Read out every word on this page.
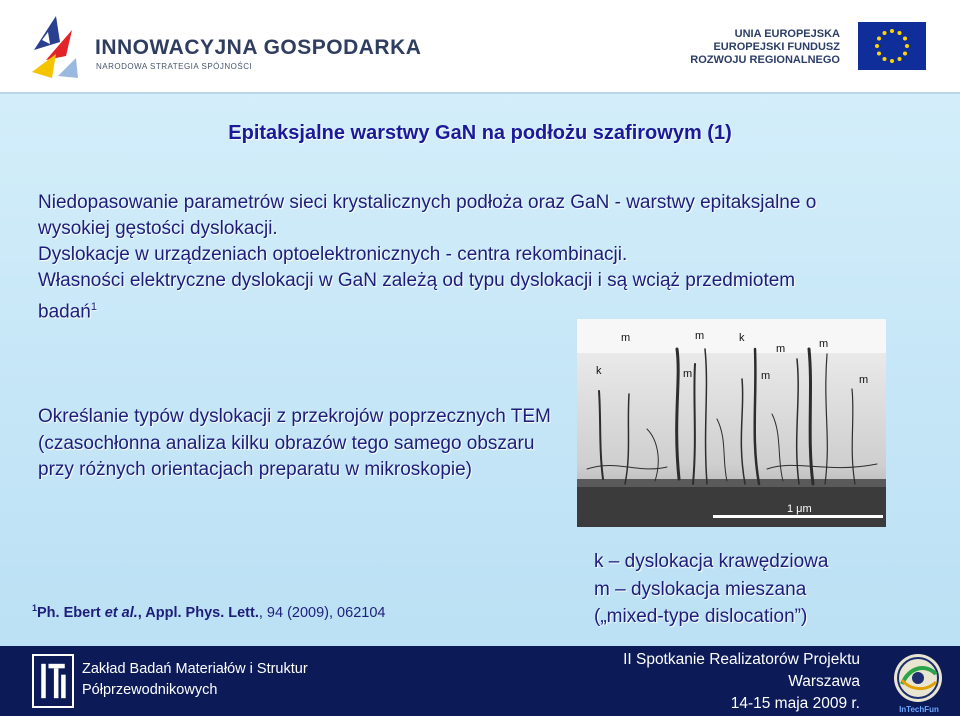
INNOWACYJNA GOSPODARKA
NARODOWA STRATEGIA SPÓJNOŚCI
UNIA EUROPEJSKA
EUROPEJSKI FUNDUSZ
ROZWOJU REGIONALNEGO
Epitaksjalne warstwy GaN na podłożu szafirowym (1)

Niedopasowanie parametrów sieci krystalicznych podłoża oraz GaN - warstwy epitaksjalne o wysokiej gęstości dyslokacji.

Dyslokacje w urządzeniach optoelektronicznych - centra rekombinacji.

Własności elektryczne dyslokacji w GaN zależą od typu dyslokacji i są wciąż przedmiotem badań$^1$

Określanie typów dyslokacji z przekrojów poprzecznych TEM (czasochłonna analiza kilku obrazów tego samego obszaru przy różnych orientacjach preparatu w mikroskopie)
m	m	k
m	m
k	m	m	m
1 μm
$^1$Ph. Ebert et al., Appl. Phys. Lett., 94 (2009), 062104
k – dyslokacja krawędziowa
m – dyslokacja mieszana
(„mixed-type dislocation”)
Zakład Badań Materiałów i Struktur
Półprzewodnikowych
II Spotkanie Realizatorów Projektu
Warszawa
14-15 maja 2009 r.	InTechFun
